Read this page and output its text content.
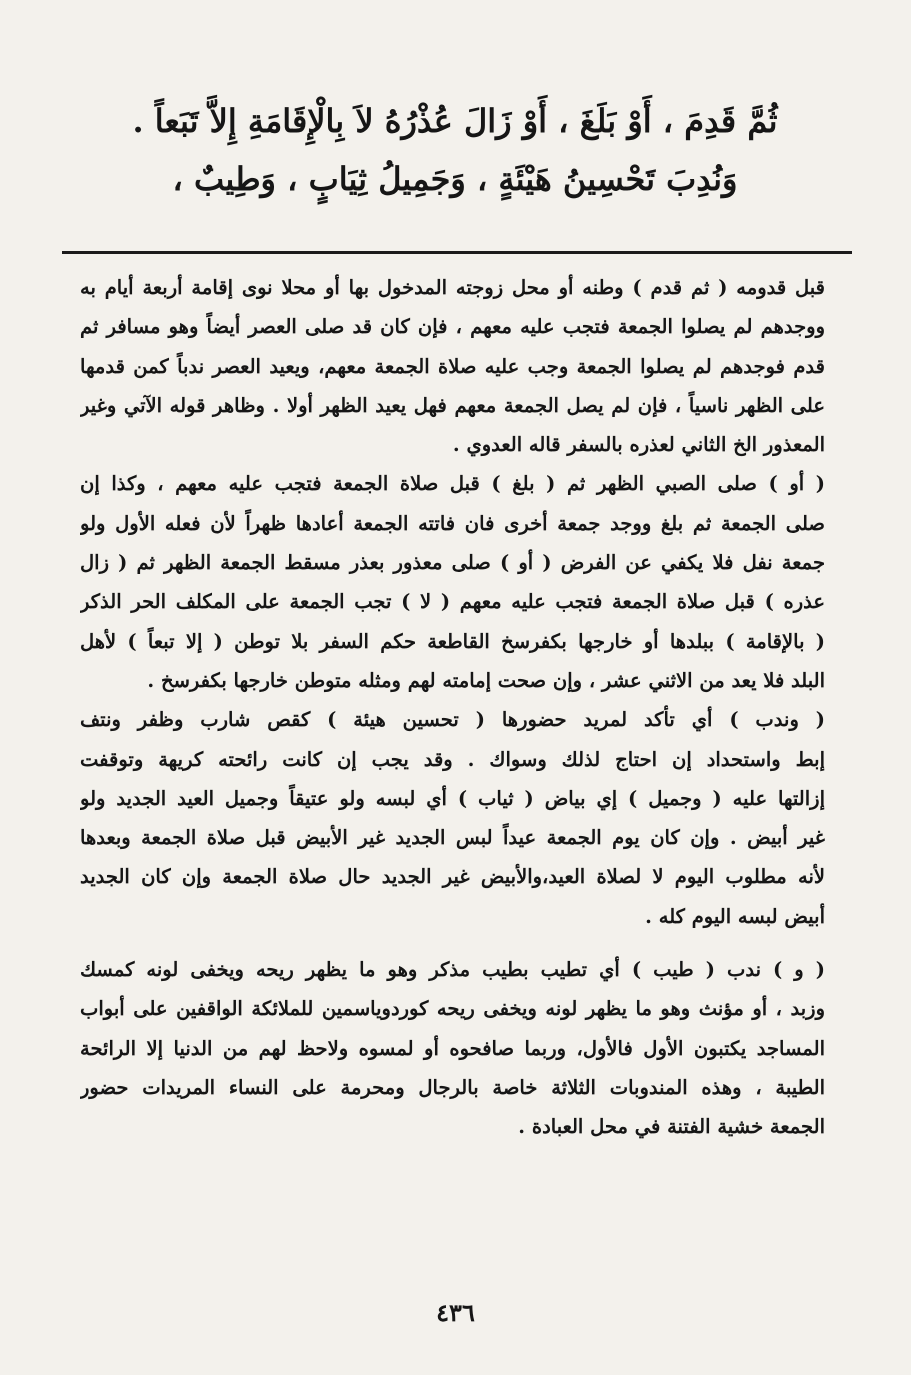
ثُمَّ قَدِمَ ، أَوْ بَلَغَ ، أَوْ زَالَ عُذْرُهُ لاَ بِالْإِقَامَةِ إِلاَّ تَبَعاً .
وَنُدِبَ تَحْسِينُ هَيْئَةٍ ، وَجَمِيلُ ثِيَابٍ ، وَطِيبٌ ،
قبل قدومه ( ثم قدم ) وطنه أو محل زوجته المدخول بها أو محلا نوى إقامة أربعة أيام به
ووجدهم لم يصلوا الجمعة فتجب عليه معهم ، فإن كان قد صلى العصر أيضاً وهو مسافر ثم
قدم فوجدهم لم يصلوا الجمعة وجب عليه صلاة الجمعة معهم، ويعيد العصر ندباً كمن قدمها
على الظهر ناسياً ، فإن لم يصل الجمعة معهم فهل يعيد الظهر أولا . وظاهر قوله الآتي وغير
المعذور الخ الثاني لعذره بالسفر قاله العدوي .
( أو ) صلى الصبي الظهر ثم ( بلغ ) قبل صلاة الجمعة فتجب عليه معهم ، وكذا إن
صلى الجمعة ثم بلغ ووجد جمعة أخرى فان فاتته الجمعة أعادها ظهراً لأن فعله الأول ولو
جمعة نفل فلا يكفي عن الفرض ( أو ) صلى معذور بعذر مسقط الجمعة الظهر ثم ( زال
عذره ) قبل صلاة الجمعة فتجب عليه معهم ( لا ) تجب الجمعة على المكلف الحر الذكر
( بالإقامة ) ببلدها أو خارجها بكفرسخ القاطعة حكم السفر بلا توطن ( إلا تبعاً ) لأهل
البلد فلا يعد من الاثني عشر ، وإن صحت إمامته لهم ومثله متوطن خارجها بكفرسخ .
( وندب ) أي تأكد لمريد حضورها ( تحسين هيئة ) كقص شارب وظفر ونتف
إبط واستحداد إن احتاج لذلك وسواك . وقد يجب إن كانت رائحته كريهة وتوقفت
إزالتها عليه ( وجميل ) إي بياض ( ثياب ) أي لبسه ولو عتيقاً وجميل العيد الجديد ولو
غير أبيض . وإن كان يوم الجمعة عيداً لبس الجديد غير الأبيض قبل صلاة الجمعة وبعدها
لأنه مطلوب اليوم لا لصلاة العيد،والأبيض غير الجديد حال صلاة الجمعة وإن كان الجديد
أبيض لبسه اليوم كله .
( و ) ندب ( طيب ) أي تطيب بطيب مذكر وهو ما يظهر ريحه ويخفى لونه كمسك
وزبد ، أو مؤنث وهو ما يظهر لونه ويخفى ريحه كوردوياسمين للملائكة الواقفين على أبواب
المساجد يكتبون الأول فالأول، وربما صافحوه أو لمسوه ولاحظ لهم من الدنيا إلا الرائحة
الطيبة ، وهذه المندوبات الثلاثة خاصة بالرجال ومحرمة على النساء المريدات حضور
الجمعة خشية الفتنة في محل العبادة .
٤٣٦
